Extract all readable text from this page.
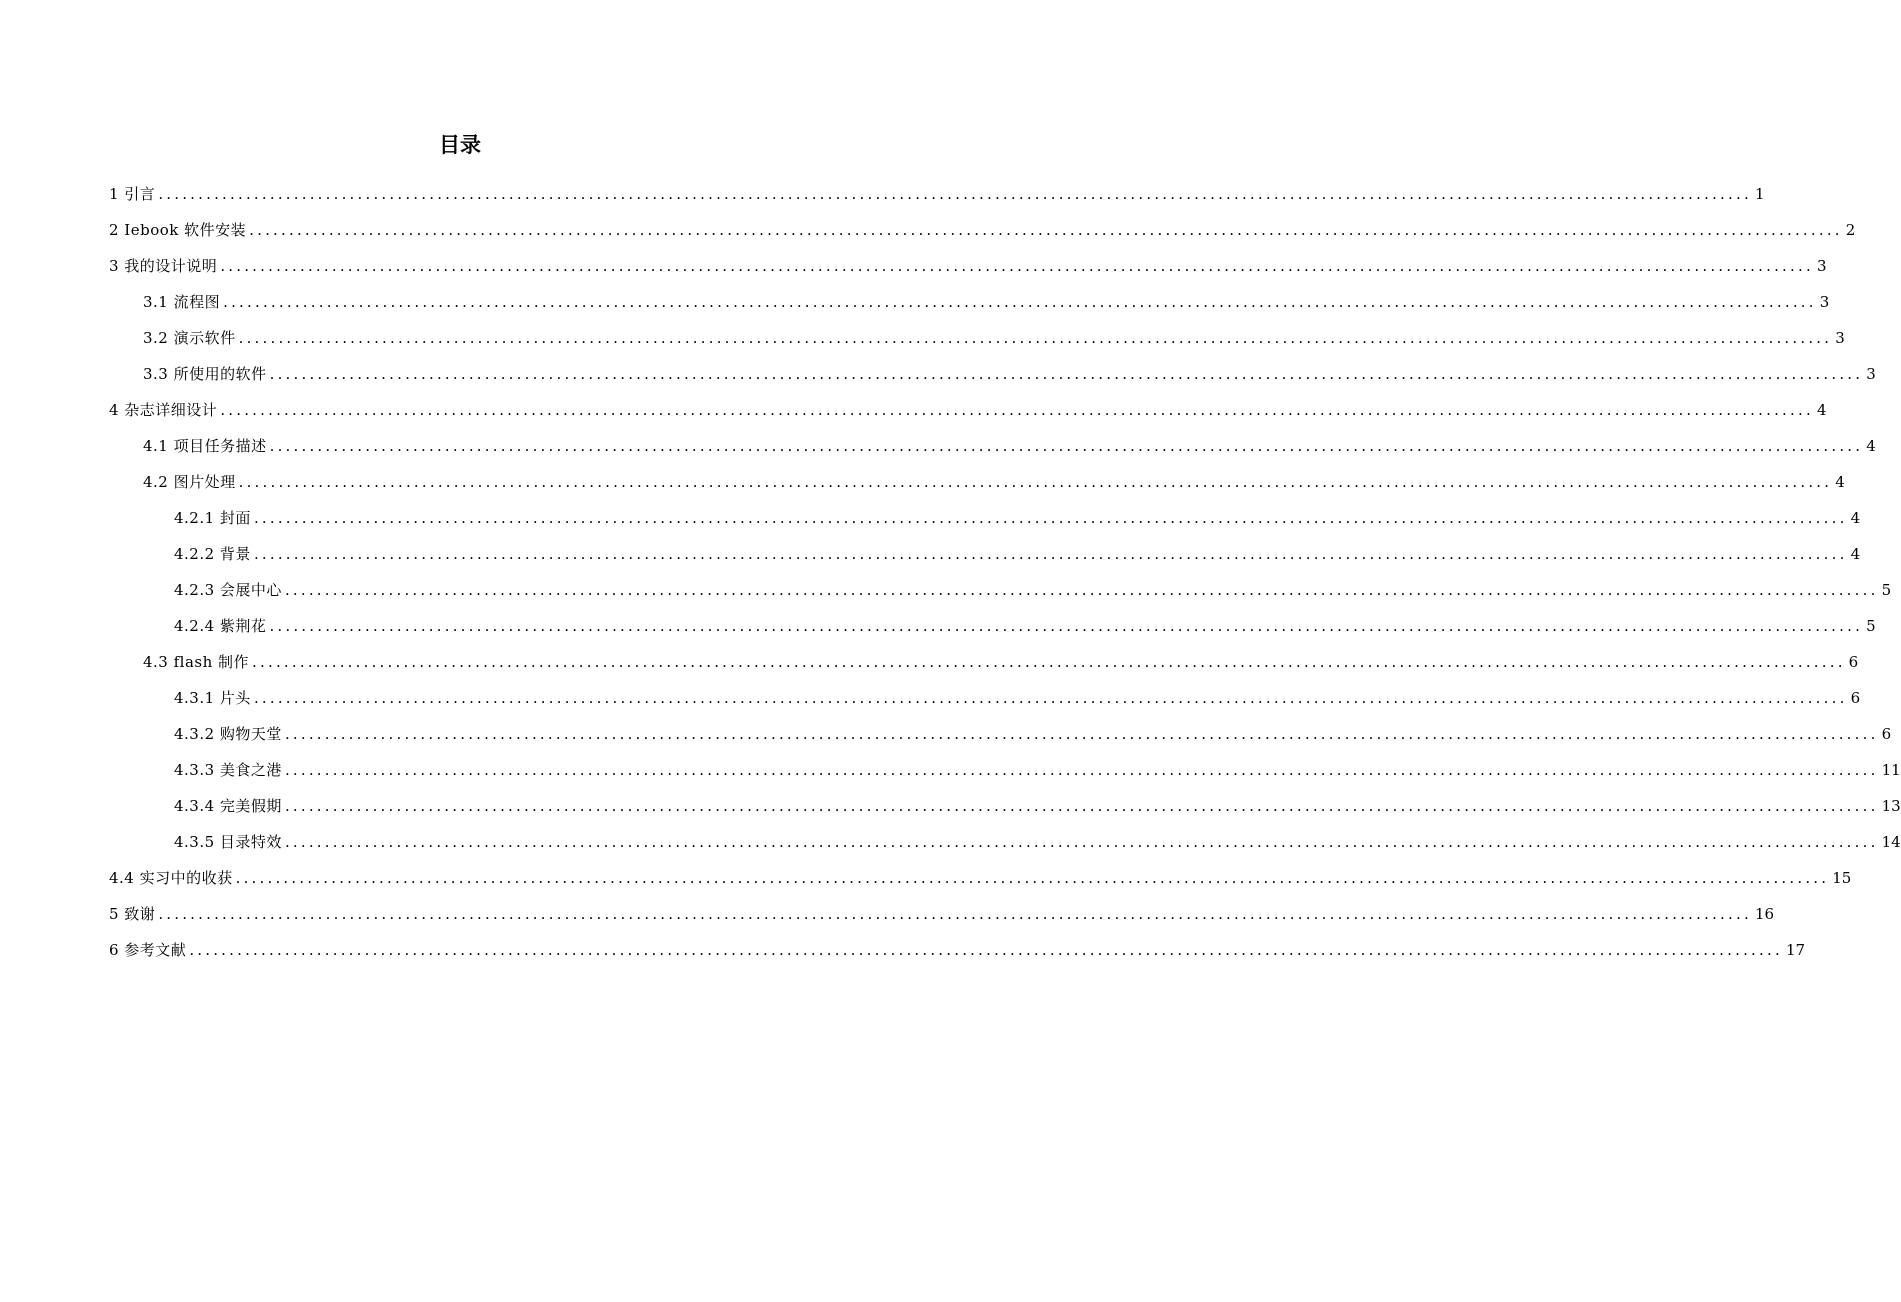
目录
1 引言 ........................................................................................................................................................................................................ 1
2 Iebook 软件安装 ........................................................................................................................................................................................................ 2
3 我的设计说明 ........................................................................................................................................................................................................ 3
3.1 流程图 ........................................................................................................................................................................................................ 3
3.2 演示软件 ........................................................................................................................................................................................................ 3
3.3 所使用的软件 ........................................................................................................................................................................................................ 3
4 杂志详细设计 ........................................................................................................................................................................................................ 4
4.1 项目任务描述 ........................................................................................................................................................................................................ 4
4.2 图片处理 ........................................................................................................................................................................................................ 4
4.2.1 封面 ........................................................................................................................................................................................................ 4
4.2.2 背景 ........................................................................................................................................................................................................ 4
4.2.3 会展中心 ........................................................................................................................................................................................................ 5
4.2.4 紫荆花 ........................................................................................................................................................................................................ 5
4.3 flash 制作 ........................................................................................................................................................................................................ 6
4.3.1 片头 ........................................................................................................................................................................................................ 6
4.3.2 购物天堂 ........................................................................................................................................................................................................ 6
4.3.3 美食之港 ........................................................................................................................................................................................................ 11
4.3.4 完美假期 ........................................................................................................................................................................................................ 13
4.3.5 目录特效 ........................................................................................................................................................................................................ 14
4.4 实习中的收获 ........................................................................................................................................................................................................ 15
5 致谢 ........................................................................................................................................................................................................ 16
6 参考文献 ........................................................................................................................................................................................................ 17
